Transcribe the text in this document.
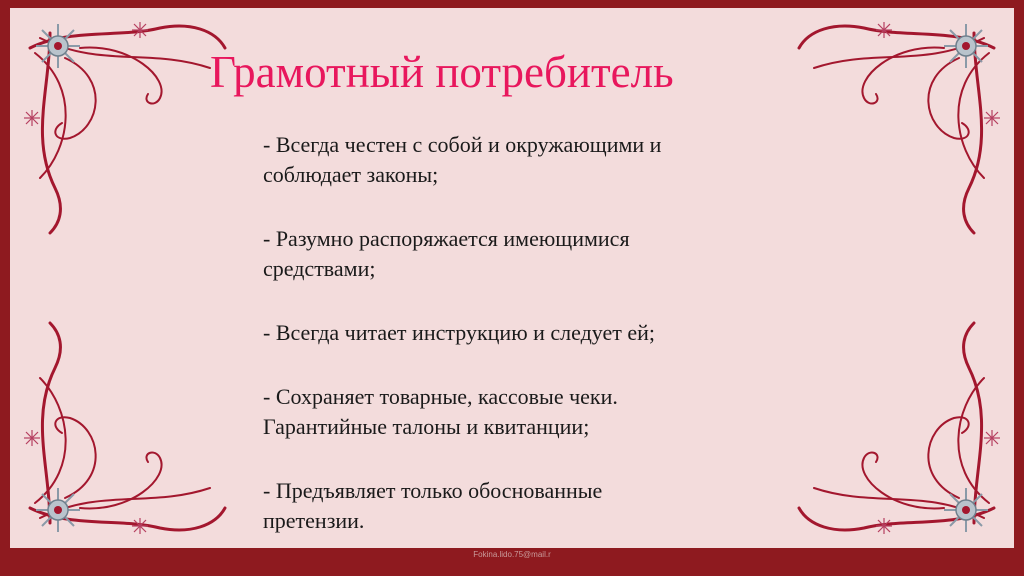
Грамотный потребитель
- Всегда честен с собой и окружающими и
соблюдает законы;
- Разумно распоряжается имеющимися
средствами;
- Всегда читает инструкцию и следует ей;
- Сохраняет товарные, кассовые чеки.
Гарантийные талоны и квитанции;
- Предъявляет только обоснованные
претензии.
Fokina.lido.75@mail.r
